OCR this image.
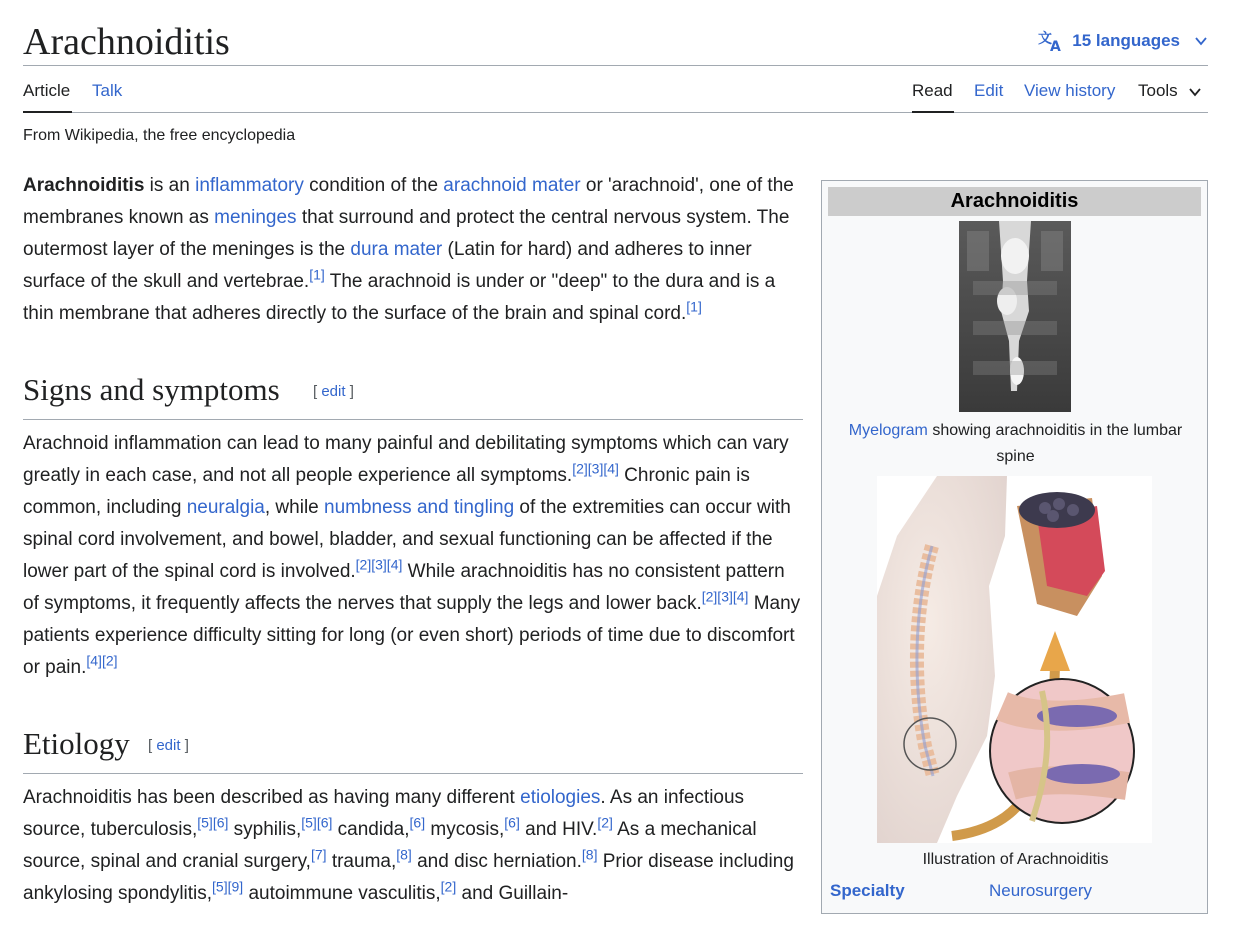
Arachnoiditis	文
A 15 languages
Article Talk	Read Edit View history Tools
From Wikipedia, the free encyclopedia

Arachnoiditis is an inflammatory condition of the arachnoid mater or 'arachnoid', one of the membranes known as meninges that surround and protect the central nervous system. The outermost layer of the meninges is the dura mater (Latin for hard) and adheres to inner surface of the skull and vertebrae.[1] The arachnoid is under or "deep" to the dura and is a thin membrane that adheres directly to the surface of the brain and spinal cord.[1]

Signs and symptoms [ edit ]

Arachnoid inflammation can lead to many painful and debilitating symptoms which can vary greatly in each case, and not all people experience all symptoms.[2][3][4] Chronic pain is common, including neuralgia, while numbness and tingling of the extremities can occur with spinal cord involvement, and bowel, bladder, and sexual functioning can be affected if the lower part of the spinal cord is involved.[2][3][4] While arachnoiditis has no consistent pattern of symptoms, it frequently affects the nerves that supply the legs and lower back.[2][3][4] Many patients experience difficulty sitting for long (or even short) periods of time due to discomfort or pain.[4][2]

Etiology [ edit ]

Arachnoiditis has been described as having many different etiologies. As an infectious source, tuberculosis,[5][6] syphilis,[5][6] candida,[6] mycosis,[6] and HIV.[2] As a mechanical source, spinal and cranial surgery,[7] trauma,[8] and disc herniation.[8] Prior disease including ankylosing spondylitis,[5][9] autoimmune vasculitis,[2] and Guillain-

Arachnoiditis
Myelogram showing arachnoiditis in the lumbar spine
Illustration of Arachnoiditis
Specialty	Neurosurgery
